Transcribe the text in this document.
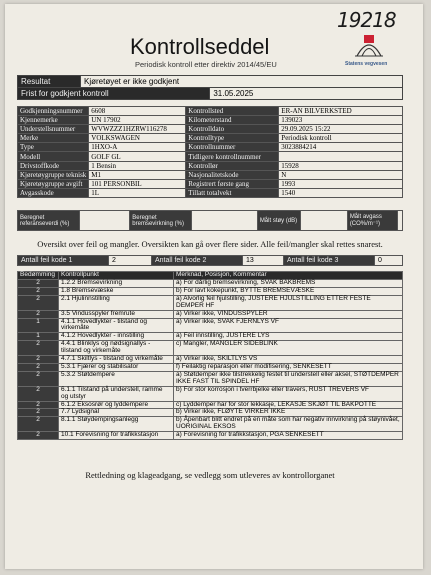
19218
Kontrollseddel
Periodisk kontroll etter direktiv 2014/45/EU	Statens vegvesen
Resultat	Kjøretøyet er ikke godkjent	
Frist for godkjent kontroll		31.05.2025
Godkjenningsnummer	6608	Kontrollsted	ER-AN BILVERKSTED
Kjennemerke	UN 17902	Kilometerstand	139023
Understellsnummer	WVWZZZ1HZRW116278	Kontrolldato	29.09.2025 15:22
Merke	VOLKSWAGEN	Kontrolltype	Periodisk kontroll
Type	1HXO-A	Kontrollnummer	3023884214
Modell	GOLF GL	Tidligere kontrollnummer	
Drivstoffkode	1 Bensin	Kontrollør	15928
Kjøretøygruppe teknisk	M1	Nasjonalitetskode	N
Kjøretøygruppe avgift	101 PERSONBIL	Registrert første gang	1993
Avgasskode	1L	Tillatt totalvekt	1540
Beregnet referanseverdi (%)		Beregnet bremsevirkning (%)		Målt støy (dB)		Målt avgass (CO%/m⁻¹)	
Oversikt over feil og mangler. Oversikten kan gå over flere sider. Alle feil/mangler skal rettes snarest.
Antall feil kode 1	2	Antall feil kode 2	13	Antall feil kode 3	0
Bedømming	Kontrollpunkt	Merknad, Posisjon, Kommentar
2	1.2.2 Bremsevirkning	a) For dårlig bremsevirkning, SVAK BAKBREMS
2	1.8 Bremsevæske	b) For lavt kokepunkt, BYTTE BREMSEVÆSKE
2	2.1 Hjulinnstilling	a) Alvorlig feil hjulstilling, JUSTERE HJULSTILLING ETTER FESTE DEMPER HF
2	3.5 Vindusspyler fremrute	a) Virker ikke, VINDUSSPYLER
1	4.1.1 Hovedlykter - tilstand og virkemåte	a) Virker ikke, SVAK FJERNLYS VF
1	4.1.2 Hovedlykter - innstilling	a) Feil innstilling, JUSTERE LYS
2	4.4.1 Blinklys og nødsignallys - tilstand og virkemåte	c) Mangler, MANGLER SIDEBLINK
2	4.7.1 Skiltlys - tilstand og virkemåte	a) Virker ikke, SKILTLYS VS
2	5.3.1 Fjærer og stabilisator	f) Feilaktig reparasjon eller modifisering, SENKESETT
2	5.3.2 Støtdempere	a) Støtdemper ikke tilstrekkelig festet til understell eller aksel, STØTDEMPER IKKE FAST TIL SPINDEL HF
2	6.1.1 Tilstand på understell, ramme og utstyr	b) For stor korrosjon i tverrbjelke eller travers, RUST TREVERS VF
2	6.1.2 Eksosrør og lyddempere	c) Lyddemper har for stor lekkasje, LEKASJE SKJØT TIL BAKPOTTE
2	7.7 Lydsignal	b) Virker ikke, FLØYTE VIRKER IKKE
2	8.1.1 Støydempingsanlegg	b) Åpenbart blitt endret på en måte som har negativ innvirkning på støynivået, UORIGINAL EKSOS
2	10.1 Forevisning for trafikkstasjon	a) Forevisning for trafikkstasjon, PGA SENKESETT
Rettledning og klageadgang, se vedlegg som utleveres av kontrollorganet
